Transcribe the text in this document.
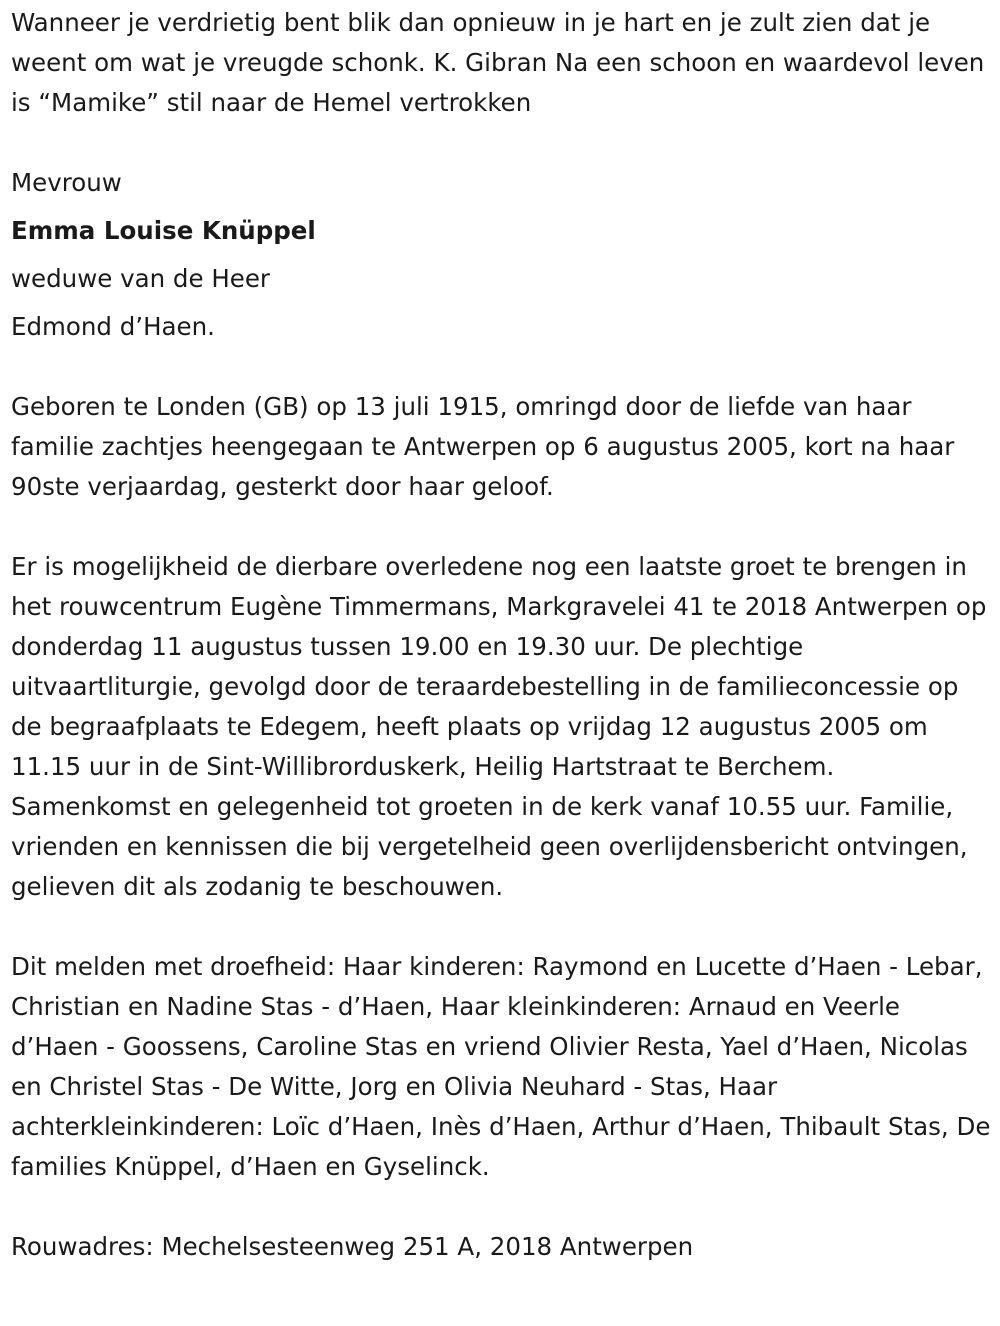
Wanneer je verdrietig bent blik dan opnieuw in je hart en je zult zien dat je weent om wat je vreugde schonk. K. Gibran Na een schoon en waardevol leven is “Mamike” stil naar de Hemel vertrokken

Mevrouw

Emma Louise Knüppel

weduwe van de Heer

Edmond d’Haen.

Geboren te Londen (GB) op 13 juli 1915, omringd door de liefde van haar familie zachtjes heengegaan te Antwerpen op 6 augustus 2005, kort na haar 90ste verjaardag, gesterkt door haar geloof.

Er is mogelijkheid de dierbare overledene nog een laatste groet te brengen in het rouwcentrum Eugène Timmermans, Markgravelei 41 te 2018 Antwerpen op donderdag 11 augustus tussen 19.00 en 19.30 uur. De plechtige uitvaartliturgie, gevolgd door de teraardebestelling in de familieconcessie op de begraafplaats te Edegem, heeft plaats op vrijdag 12 augustus 2005 om 11.15 uur in de Sint-Willibrorduskerk, Heilig Hartstraat te Berchem. Samenkomst en gelegenheid tot groeten in de kerk vanaf 10.55 uur. Familie, vrienden en kennissen die bij vergetelheid geen overlijdensbericht ontvingen, gelieven dit als zodanig te beschouwen.

Dit melden met droefheid: Haar kinderen: Raymond en Lucette d’Haen - Lebar, Christian en Nadine Stas - d’Haen, Haar kleinkinderen: Arnaud en Veerle d’Haen - Goossens, Caroline Stas en vriend Olivier Resta, Yael d’Haen, Nicolas en Christel Stas - De Witte, Jorg en Olivia Neuhard - Stas, Haar achterkleinkinderen: Loïc d’Haen, Inès d’Haen, Arthur d’Haen, Thibault Stas, De families Knüppel, d’Haen en Gyselinck.

Rouwadres: Mechelsesteenweg 251 A, 2018 Antwerpen
